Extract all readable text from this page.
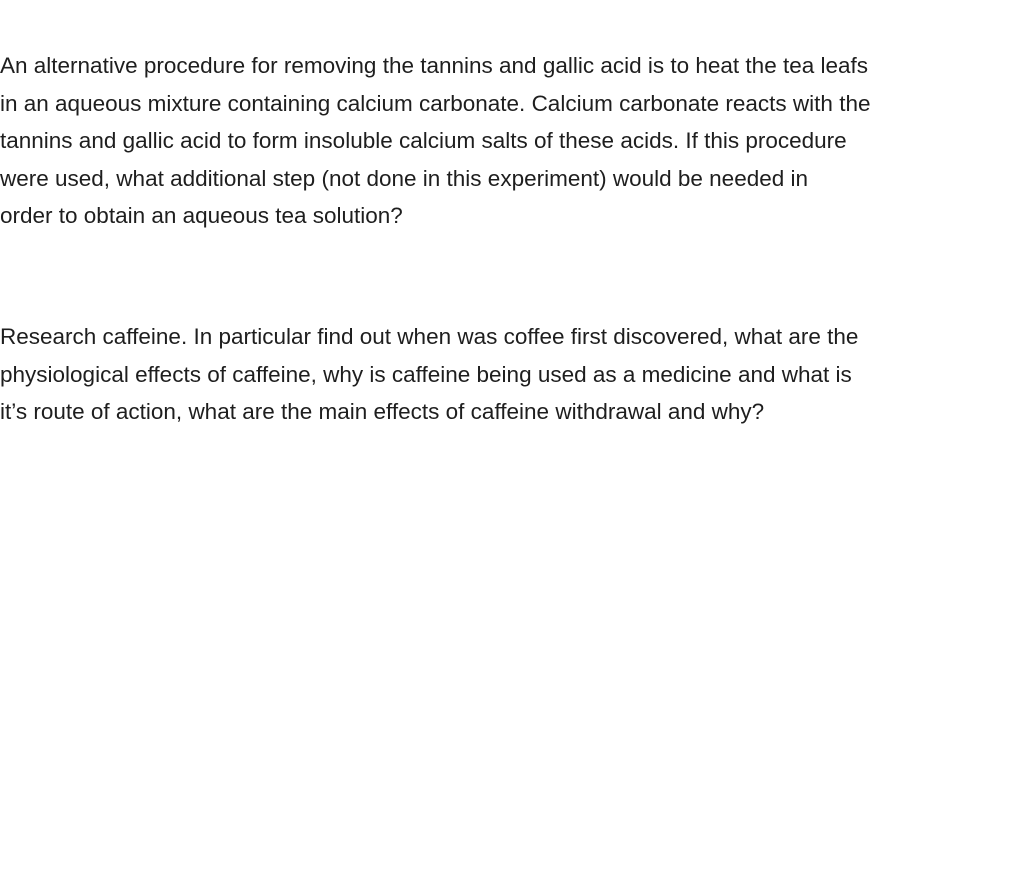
An alternative procedure for removing the tannins and gallic acid is to heat the tea leafs
in an aqueous mixture containing calcium carbonate. Calcium carbonate reacts with the
tannins and gallic acid to form insoluble calcium salts of these acids. If this procedure
were used, what additional step (not done in this experiment) would be needed in
order to obtain an aqueous tea solution?

Research caffeine. In particular find out when was coffee first discovered, what are the
physiological effects of caffeine, why is caffeine being used as a medicine and what is
it’s route of action, what are the main effects of caffeine withdrawal and why?
